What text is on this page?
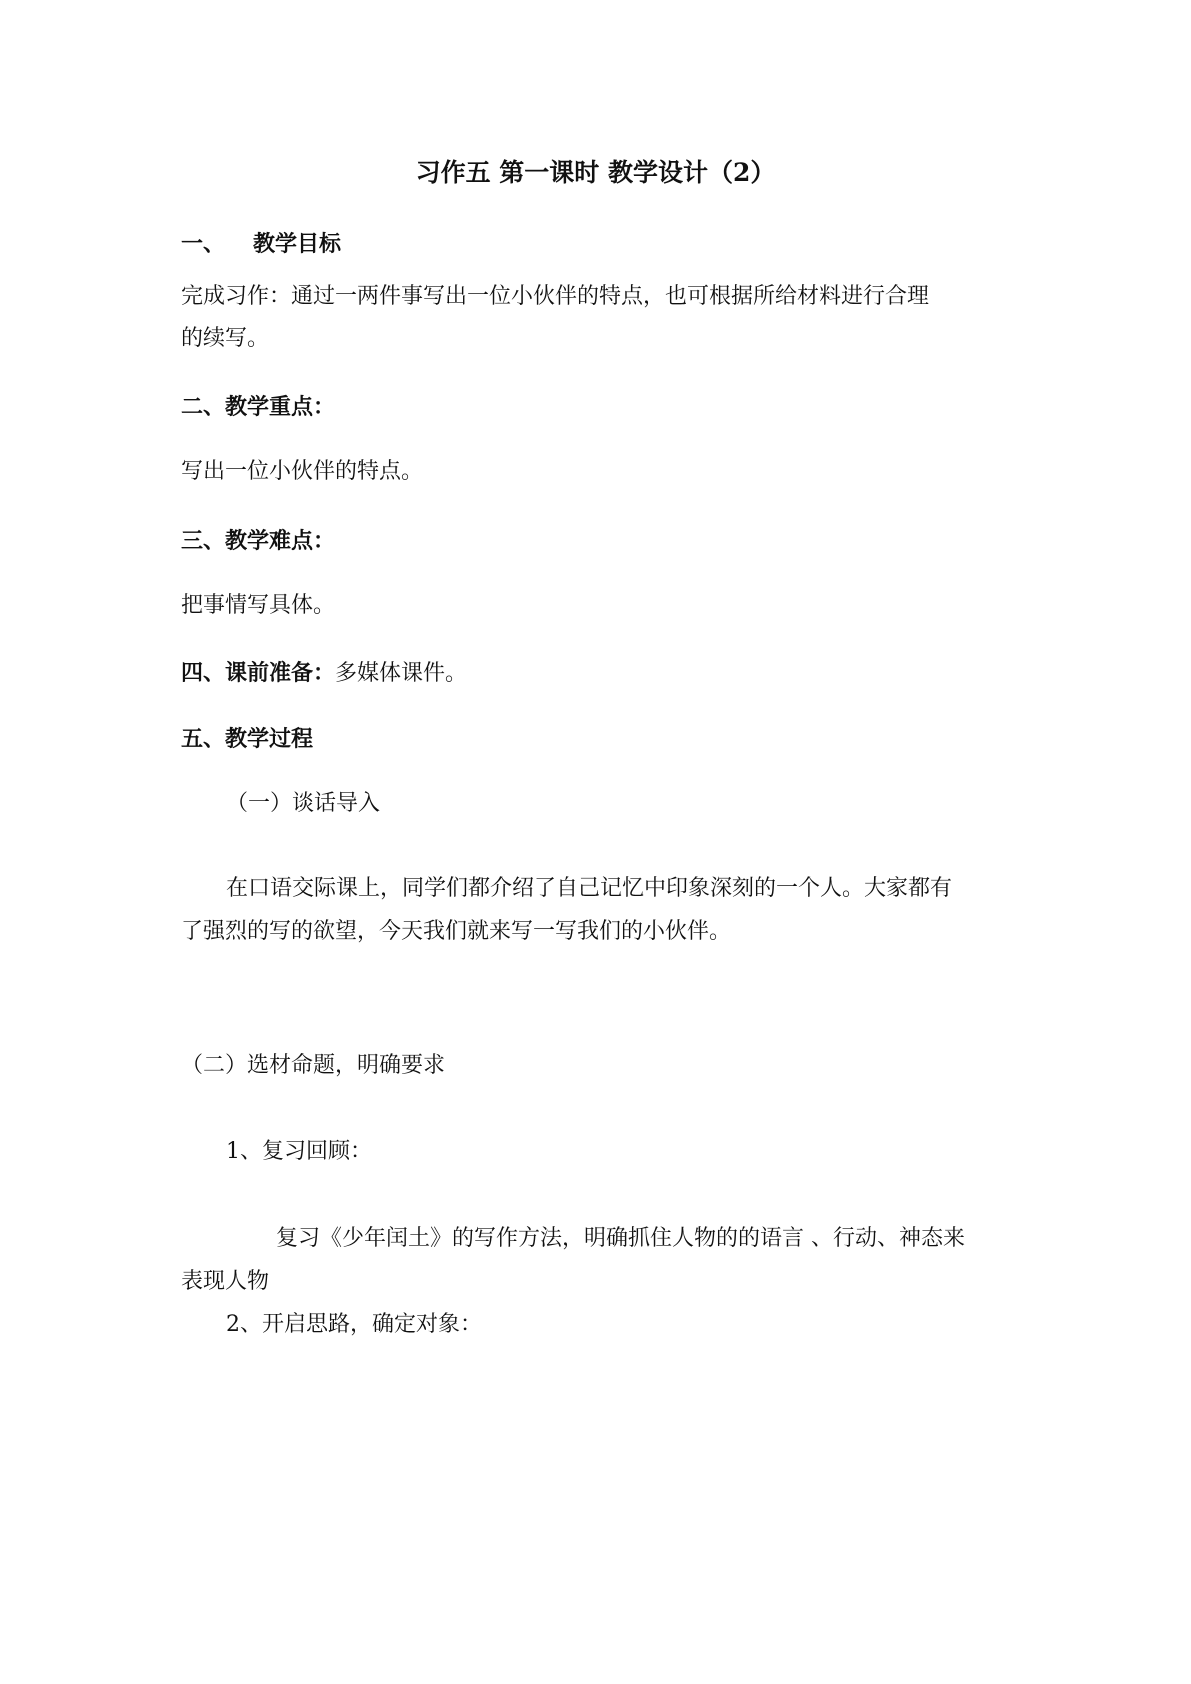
习作五 第一课时 教学设计（2）
一、 教学目标
完成习作：通过一两件事写出一位小伙伴的特点，也可根据所给材料进行合理
的续写。
二、教学重点：
写出一位小伙伴的特点。
三、教学难点：
把事情写具体。
四、课前准备：多媒体课件。
五、教学过程
（一）谈话导入
在口语交际课上，同学们都介绍了自己记忆中印象深刻的一个人。大家都有
了强烈的写的欲望，今天我们就来写一写我们的小伙伴。
（二）选材命题，明确要求
1、复习回顾：
复习《少年闰土》的写作方法，明确抓住人物的的语言 、行动、神态来
表现人物
2、开启思路，确定对象：
